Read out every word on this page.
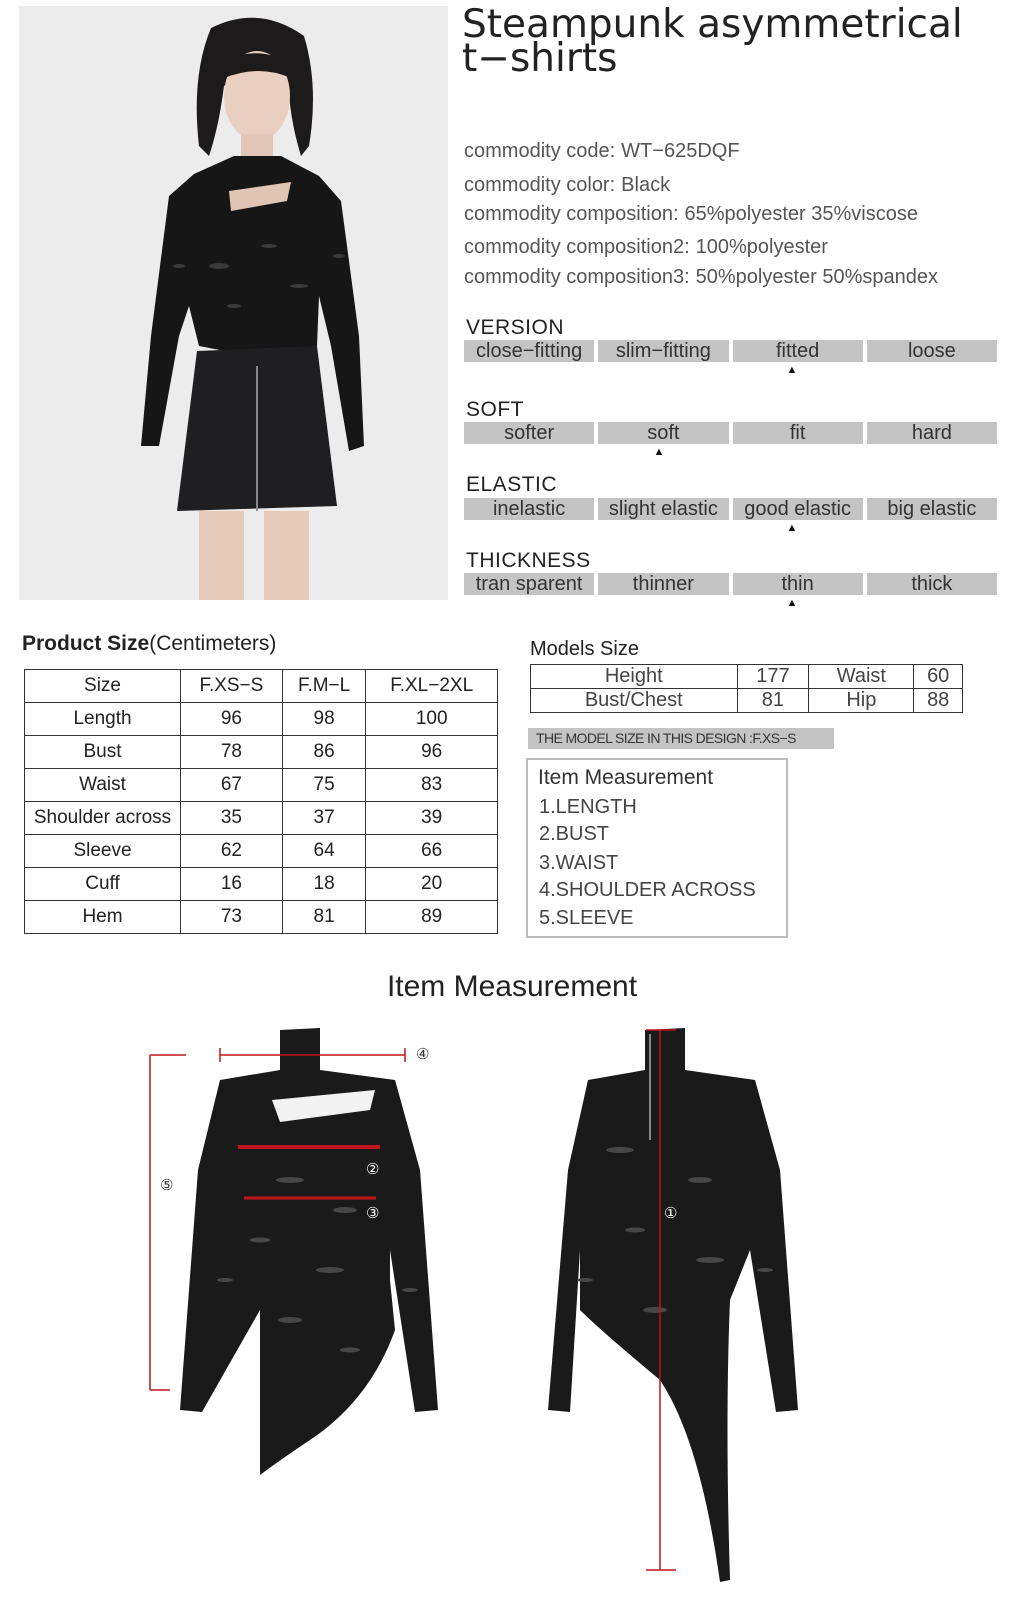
Steampunk asymmetrical
t−shirts
commodity code: WT−625DQF
commodity color: Black
commodity composition: 65%polyester 35%viscose
commodity composition2: 100%polyester
commodity composition3: 50%polyester 50%spandex
VERSION
close−fitting	slim−fitting	fitted	loose
▲
SOFT
softer	soft	fit	hard
▲
ELASTIC
inelastic	slight elastic	good elastic	big elastic
▲
THICKNESS
tran sparent	thinner	thin	thick
▲
Product Size(Centimeters)
Size	F.XS−S	F.M−L	F.XL−2XL
Length	96	98	100
Bust	78	86	96
Waist	67	75	83
Shoulder across	35	37	39
Sleeve	62	64	66
Cuff	16	18	20
Hem	73	81	89
Models Size
Height	177	Waist	60
Bust/Chest	81	Hip	88
THE MODEL SIZE IN THIS DESIGN :F.XS−S
Item Measurement
1.LENGTH
2.BUST
3.WAIST
4.SHOULDER ACROSS
5.SLEEVE
Item Measurement
④
②
③
⑤
①
